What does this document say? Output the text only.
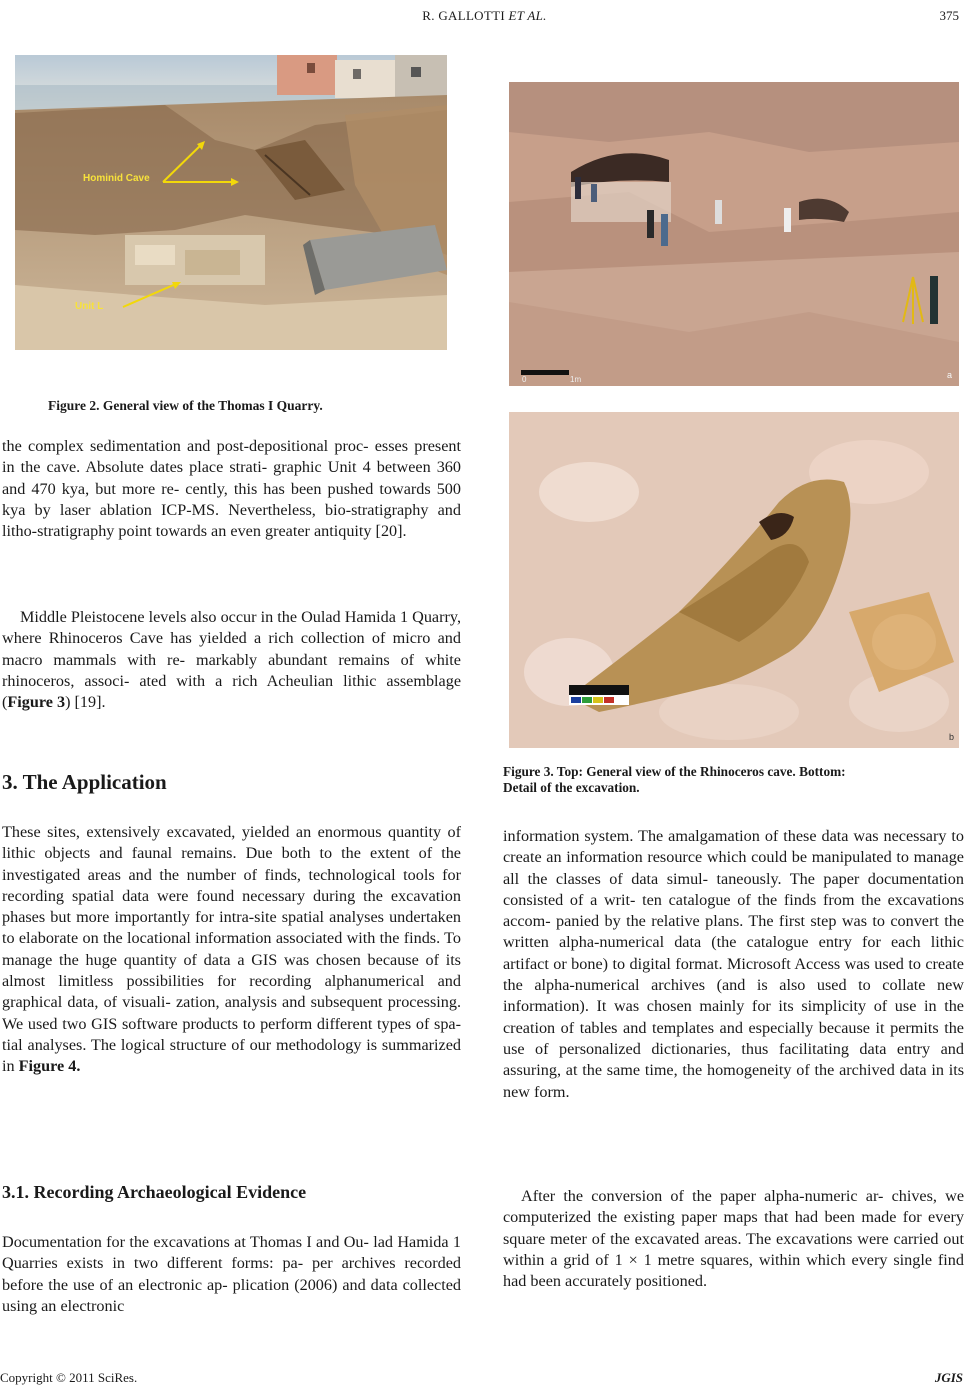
R. GALLOTTI ET AL.	375
Hominid Cave
Unit L
Figure 2. General view of the Thomas I Quarry.
0	1m	a
b
Figure 3. Top: General view of the Rhinoceros cave. Bottom:
Detail of the excavation.

the complex sedimentation and post-depositional proc- esses present in the cave. Absolute dates place strati- graphic Unit 4 between 360 and 470 kya, but more re- cently, this has been pushed towards 500 kya by laser ablation ICP-MS. Nevertheless, bio-stratigraphy and litho-stratigraphy point towards an even greater antiquity [20].

Middle Pleistocene levels also occur in the Oulad Hamida 1 Quarry, where Rhinoceros Cave has yielded a rich collection of micro and macro mammals with re- markably abundant remains of white rhinoceros, associ- ated with a rich Acheulian lithic assemblage (Figure 3) [19].

3. The Application

These sites, extensively excavated, yielded an enormous quantity of lithic objects and faunal remains. Due both to the extent of the investigated areas and the number of finds, technological tools for recording spatial data were found necessary during the excavation phases but more importantly for intra-site spatial analyses undertaken to elaborate on the locational information associated with the finds. To manage the huge quantity of data a GIS was chosen because of its almost limitless possibilities for recording alphanumerical and graphical data, of visuali- zation, analysis and subsequent processing. We used two GIS software products to perform different types of spa- tial analyses. The logical structure of our methodology is summarized in Figure 4.

3.1. Recording Archaeological Evidence

Documentation for the excavations at Thomas I and Ou- lad Hamida 1 Quarries exists in two different forms: pa- per archives recorded before the use of an electronic ap- plication (2006) and data collected using an electronic

information system. The amalgamation of these data was necessary to create an information resource which could be manipulated to manage all the classes of data simul- taneously. The paper documentation consisted of a writ- ten catalogue of the finds from the excavations accom- panied by the relative plans. The first step was to convert the written alpha-numerical data (the catalogue entry for each lithic artifact or bone) to digital format. Microsoft Access was used to create the alpha-numerical archives (and is also used to collate new information). It was chosen mainly for its simplicity of use in the creation of tables and templates and especially because it permits the use of personalized dictionaries, thus facilitating data entry and assuring, at the same time, the homogeneity of the archived data in its new form.

After the conversion of the paper alpha-numeric ar- chives, we computerized the existing paper maps that had been made for every square meter of the excavated areas. The excavations were carried out within a grid of 1 × 1 metre squares, within which every single find had been accurately positioned.

Copyright © 2011 SciRes.	JGIS
